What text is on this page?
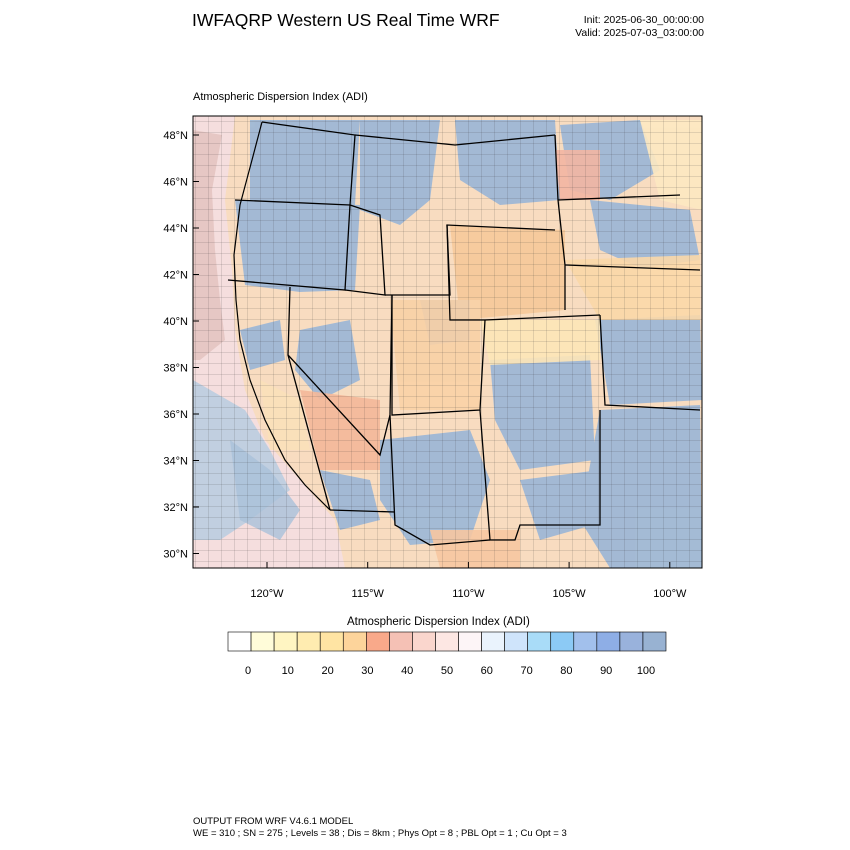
IWFAQRP Western US Real Time WRF	Init: 2025-06-30_00:00:00
Valid: 2025-07-03_03:00:00
Atmospheric Dispersion Index (ADI)
48°N
46°N
44°N
42°N
40°N
38°N
36°N
34°N
32°N
30°N
120°W	115°W	110°W	105°W	100°W
0	10	20	30	40	50	60	70	80	90 100
Atmospheric Dispersion Index (ADI)
OUTPUT FROM WRF V4.6.1 MODEL
WE = 310 ; SN = 275 ; Levels = 38 ; Dis = 8km ; Phys Opt = 8 ; PBL Opt = 1 ; Cu Opt = 3
